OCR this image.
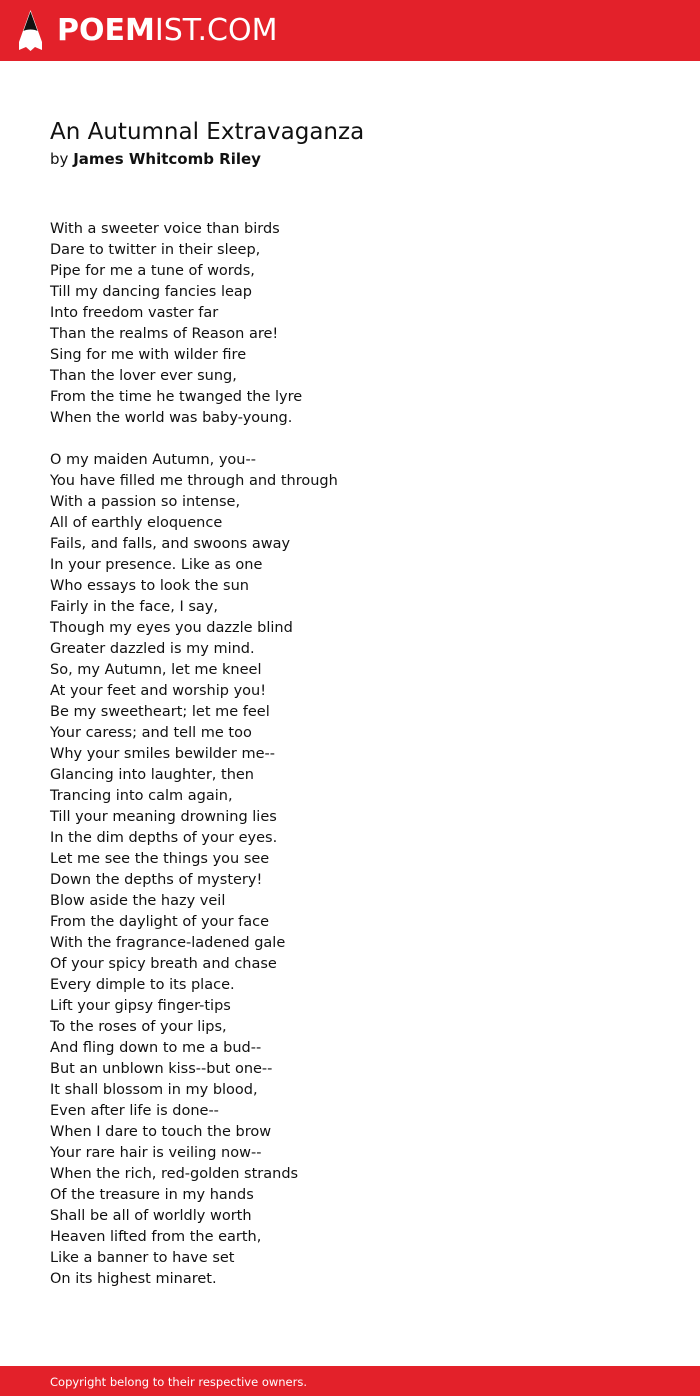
POEMIST.COM
An Autumnal Extravaganza
by James Whitcomb Riley
With a sweeter voice than birds
Dare to twitter in their sleep,
Pipe for me a tune of words,
Till my dancing fancies leap
Into freedom vaster far
Than the realms of Reason are!
Sing for me with wilder fire
Than the lover ever sung,
From the time he twanged the lyre
When the world was baby-young.
O my maiden Autumn, you--
You have filled me through and through
With a passion so intense,
All of earthly eloquence
Fails, and falls, and swoons away
In your presence. Like as one
Who essays to look the sun
Fairly in the face, I say,
Though my eyes you dazzle blind
Greater dazzled is my mind.
So, my Autumn, let me kneel
At your feet and worship you!
Be my sweetheart; let me feel
Your caress; and tell me too
Why your smiles bewilder me--
Glancing into laughter, then
Trancing into calm again,
Till your meaning drowning lies
In the dim depths of your eyes.
Let me see the things you see
Down the depths of mystery!
Blow aside the hazy veil
From the daylight of your face
With the fragrance-ladened gale
Of your spicy breath and chase
Every dimple to its place.
Lift your gipsy finger-tips
To the roses of your lips,
And fling down to me a bud--
But an unblown kiss--but one--
It shall blossom in my blood,
Even after life is done--
When I dare to touch the brow
Your rare hair is veiling now--
When the rich, red-golden strands
Of the treasure in my hands
Shall be all of worldly worth
Heaven lifted from the earth,
Like a banner to have set
On its highest minaret.
Copyright belong to their respective owners.
